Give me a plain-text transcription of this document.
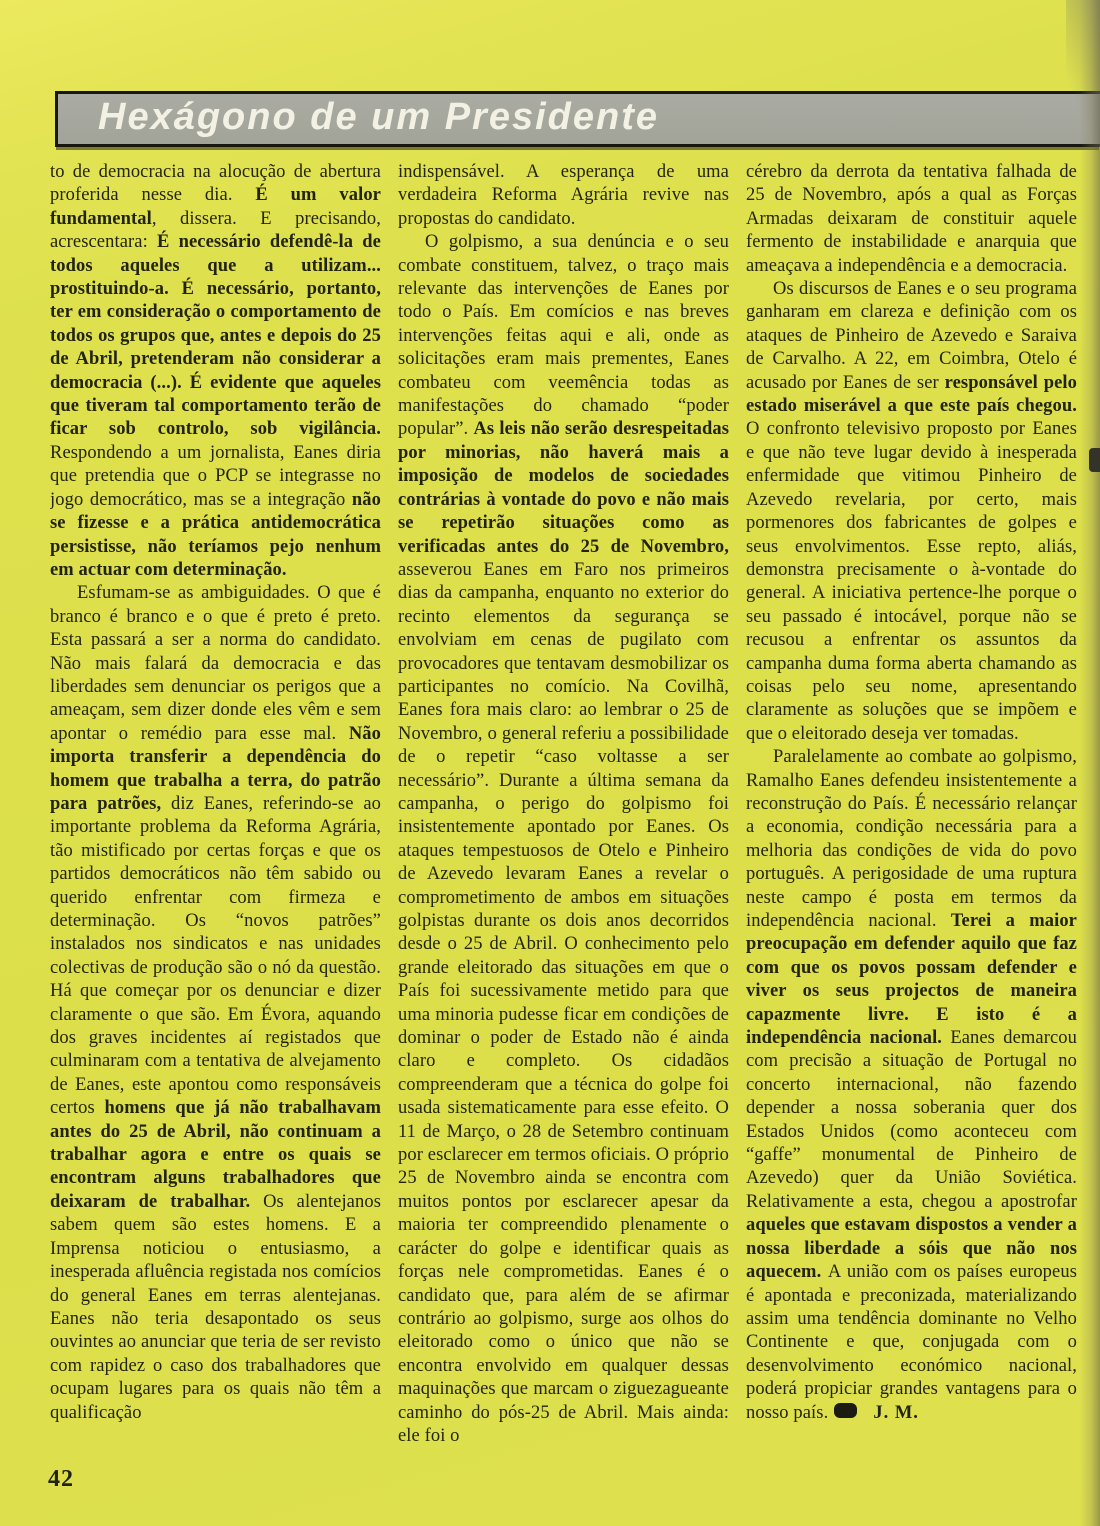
Hexágono de um Presidente

to de democracia na alocução de abertura proferida nesse dia. É um valor fundamental, dissera. E precisando, acrescentara: É necessário defendê-la de todos aqueles que a utilizam... prostituindo-a. É necessário, portanto, ter em consideração o comportamento de todos os grupos que, antes e depois do 25 de Abril, pretenderam não considerar a democracia (...). É evidente que aqueles que tiveram tal comportamento terão de ficar sob controlo, sob vigilância. Respondendo a um jornalista, Eanes diria que pretendia que o PCP se integrasse no jogo democrático, mas se a integração não se fizesse e a prática antidemocrática persistisse, não teríamos pejo nenhum em actuar com determinação.

Esfumam-se as ambiguidades. O que é branco é branco e o que é preto é preto. Esta passará a ser a norma do candidato. Não mais falará da democracia e das liberdades sem denunciar os perigos que a ameaçam, sem dizer donde eles vêm e sem apontar o remédio para esse mal. Não importa transferir a dependência do homem que trabalha a terra, do patrão para patrões, diz Eanes, referindo-se ao importante problema da Reforma Agrária, tão mistificado por certas forças e que os partidos democráticos não têm sabido ou querido enfrentar com firmeza e determinação. Os “novos patrões” instalados nos sindicatos e nas unidades colectivas de produção são o nó da questão. Há que começar por os denunciar e dizer claramente o que são. Em Évora, aquando dos graves incidentes aí registados que culminaram com a tentativa de alvejamento de Eanes, este apontou como responsáveis certos homens que já não trabalhavam antes do 25 de Abril, não continuam a trabalhar agora e entre os quais se encontram alguns trabalhadores que deixaram de trabalhar. Os alentejanos sabem quem são estes homens. E a Imprensa noticiou o entusiasmo, a inesperada afluência registada nos comícios do general Eanes em terras alentejanas. Eanes não teria desapontado os seus ouvintes ao anunciar que teria de ser revisto com rapidez o caso dos trabalhadores que ocupam lugares para os quais não têm a qualificação

indispensável. A esperança de uma verdadeira Reforma Agrária revive nas propostas do candidato.

O golpismo, a sua denúncia e o seu combate constituem, talvez, o traço mais relevante das intervenções de Eanes por todo o País. Em comícios e nas breves intervenções feitas aqui e ali, onde as solicitações eram mais prementes, Eanes combateu com veemência todas as manifestações do chamado “poder popular”. As leis não serão desrespeitadas por minorias, não haverá mais a imposição de modelos de sociedades contrárias à vontade do povo e não mais se repetirão situações como as verificadas antes do 25 de Novembro, asseverou Eanes em Faro nos primeiros dias da campanha, enquanto no exterior do recinto elementos da segurança se envolviam em cenas de pugilato com provocadores que tentavam desmobilizar os participantes no comício. Na Covilhã, Eanes fora mais claro: ao lembrar o 25 de Novembro, o general referiu a possibilidade de o repetir “caso voltasse a ser necessário”. Durante a última semana da campanha, o perigo do golpismo foi insistentemente apontado por Eanes. Os ataques tempestuosos de Otelo e Pinheiro de Azevedo levaram Eanes a revelar o comprometimento de ambos em situações golpistas durante os dois anos decorridos desde o 25 de Abril. O conhecimento pelo grande eleitorado das situações em que o País foi sucessivamente metido para que uma minoria pudesse ficar em condições de dominar o poder de Estado não é ainda claro e completo. Os cidadãos compreenderam que a técnica do golpe foi usada sistematicamente para esse efeito. O 11 de Março, o 28 de Setembro continuam por esclarecer em termos oficiais. O próprio 25 de Novembro ainda se encontra com muitos pontos por esclarecer apesar da maioria ter compreendido plenamente o carácter do golpe e identificar quais as forças nele comprometidas. Eanes é o candidato que, para além de se afirmar contrário ao golpismo, surge aos olhos do eleitorado como o único que não se encontra envolvido em qualquer dessas maquinações que marcam o ziguezagueante caminho do pós-25 de Abril. Mais ainda: ele foi o

cérebro da derrota da tentativa falhada de 25 de Novembro, após a qual as Forças Armadas deixaram de constituir aquele fermento de instabilidade e anarquia que ameaçava a independência e a democracia.

Os discursos de Eanes e o seu programa ganharam em clareza e definição com os ataques de Pinheiro de Azevedo e Saraiva de Carvalho. A 22, em Coimbra, Otelo é acusado por Eanes de ser responsável pelo estado miserável a que este país chegou. O confronto televisivo proposto por Eanes e que não teve lugar devido à inesperada enfermidade que vitimou Pinheiro de Azevedo revelaria, por certo, mais pormenores dos fabricantes de golpes e seus envolvimentos. Esse repto, aliás, demonstra precisamente o à-vontade do general. A iniciativa pertence-lhe porque o seu passado é intocável, porque não se recusou a enfrentar os assuntos da campanha duma forma aberta chamando as coisas pelo seu nome, apresentando claramente as soluções que se impõem e que o eleitorado deseja ver tomadas.

Paralelamente ao combate ao golpismo, Ramalho Eanes defendeu insistentemente a reconstrução do País. É necessário relançar a economia, condição necessária para a melhoria das condições de vida do povo português. A perigosidade de uma ruptura neste campo é posta em termos da independência nacional. Terei a maior preocupação em defender aquilo que faz com que os povos possam defender e viver os seus projectos de maneira capazmente livre. E isto é a independência nacional. Eanes demarcou com precisão a situação de Portugal no concerto internacional, não fazendo depender a nossa soberania quer dos Estados Unidos (como aconteceu com “gaffe” monumental de Pinheiro de Azevedo) quer da União Soviética. Relativamente a esta, chegou a apostrofar aqueles que estavam dispostos a vender a nossa liberdade a sóis que não nos aquecem. A união com os países europeus é apontada e preconizada, materializando assim uma tendência dominante no Velho Continente e que, conjugada com o desenvolvimento económico nacional, poderá propiciar grandes vantagens para o nosso país. J. M.

42
